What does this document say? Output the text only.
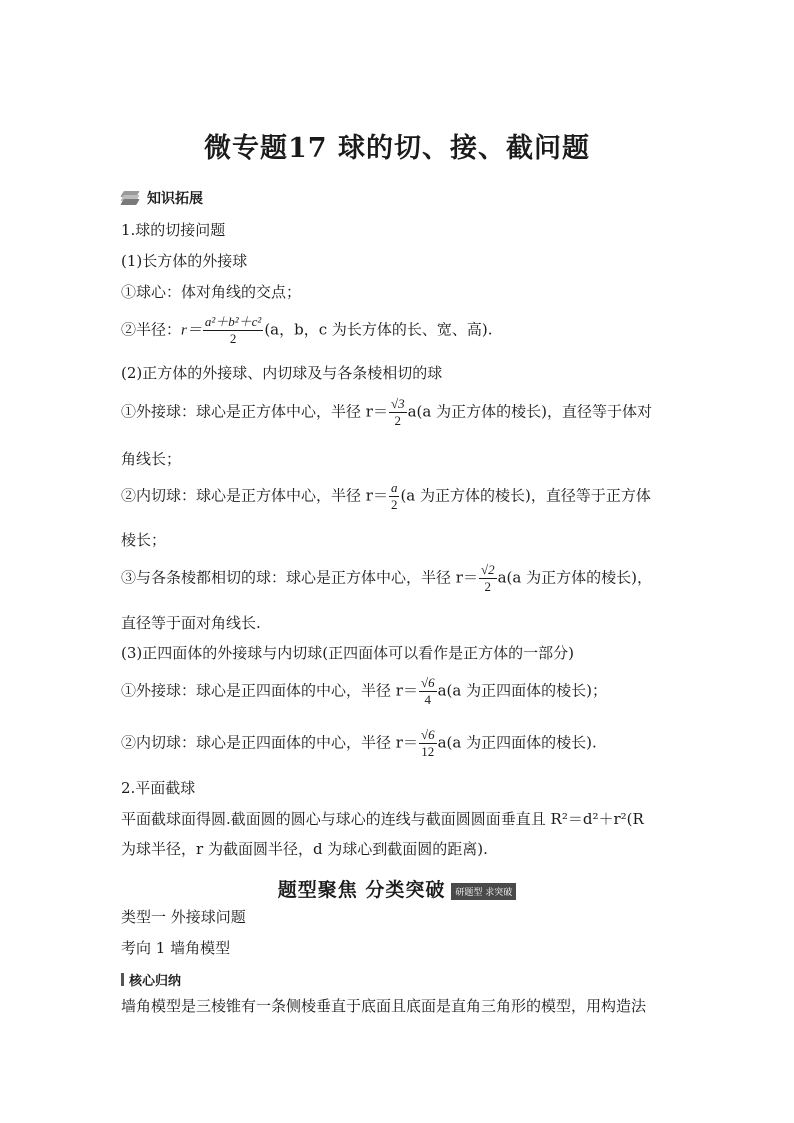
微专题17 球的切、接、截问题
知识拓展
1.球的切接问题
(1)长方体的外接球
①球心：体对角线的交点；
②半径：$r= \frac{\text{a²＋b²＋c²}}{2} (a$，b，c 为长方体的长、宽、高).
(2)正方体的外接球、内切球及与各条棱相切的球
①外接球：球心是正方体中心，半径 $r= \frac{√3}{2} a(a$ 为正方体的棱长)，直径等于体对
角线长；
②内切球：球心是正方体中心，半径 $r= \frac{a}{2} (a$ 为正方体的棱长)，直径等于正方体
棱长；
③与各条棱都相切的球：球心是正方体中心，半径 $r= \frac{√2}{2} a(a$ 为正方体的棱长)，
直径等于面对角线长.
(3)正四面体的外接球与内切球(正四面体可以看作是正方体的一部分)
①外接球：球心是正四面体的中心，半径 $r= \frac{√6}{4} a(a$ 为正四面体的棱长)；
②内切球：球心是正四面体的中心，半径 $r= \frac{√6}{12} a(a$ 为正四面体的棱长).
2.平面截球
平面截球面得圆.截面圆的圆心与球心的连线与截面圆圆面垂直且 R²＝d²＋r²(R
为球半径，r 为截面圆半径，d 为球心到截面圆的距离).
题型聚焦 分类突破 研题型 求突破
类型一 外接球问题
考向 1 墙角模型
核心归纳
墙角模型是三棱锥有一条侧棱垂直于底面且底面是直角三角形的模型，用构造法
